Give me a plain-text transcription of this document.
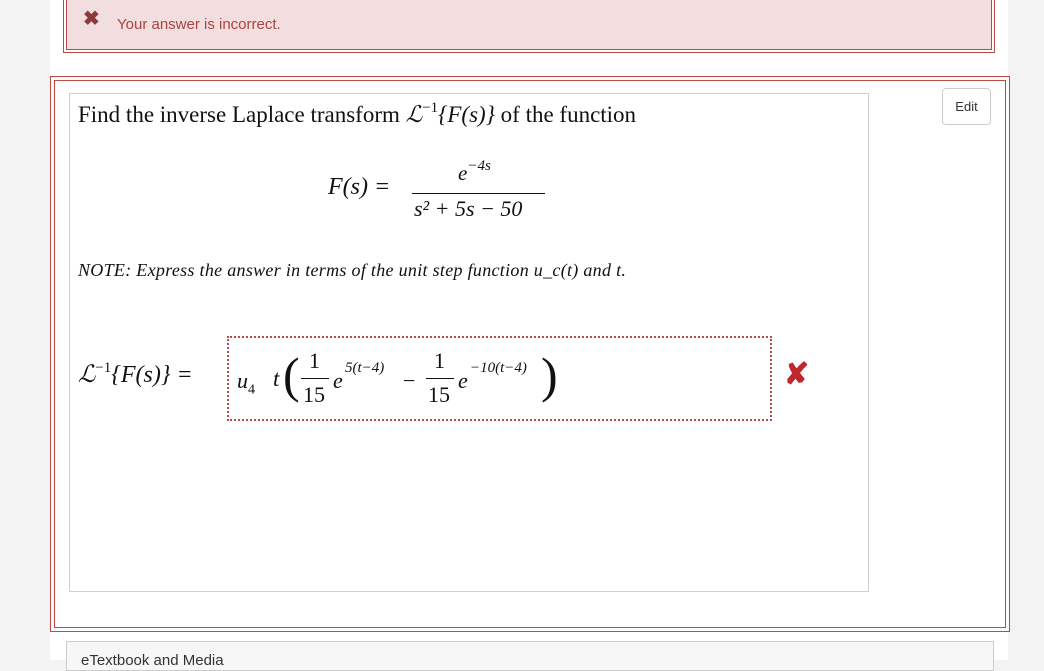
✖ Your answer is incorrect.
Edit
Find the inverse Laplace transform ℒ$^{-1}${F(s)} of the function
F(s) =
$e^{-4s}$
s² + 5s − 50
NOTE: Express the answer in terms of the unit step function u_c(t) and t.
ℒ$^{-1}${F(s)} = $u_4$ t ( 1
15
e 5(t−4) −
1
15
e −10(t−4) )	✘
eTextbook and Media
